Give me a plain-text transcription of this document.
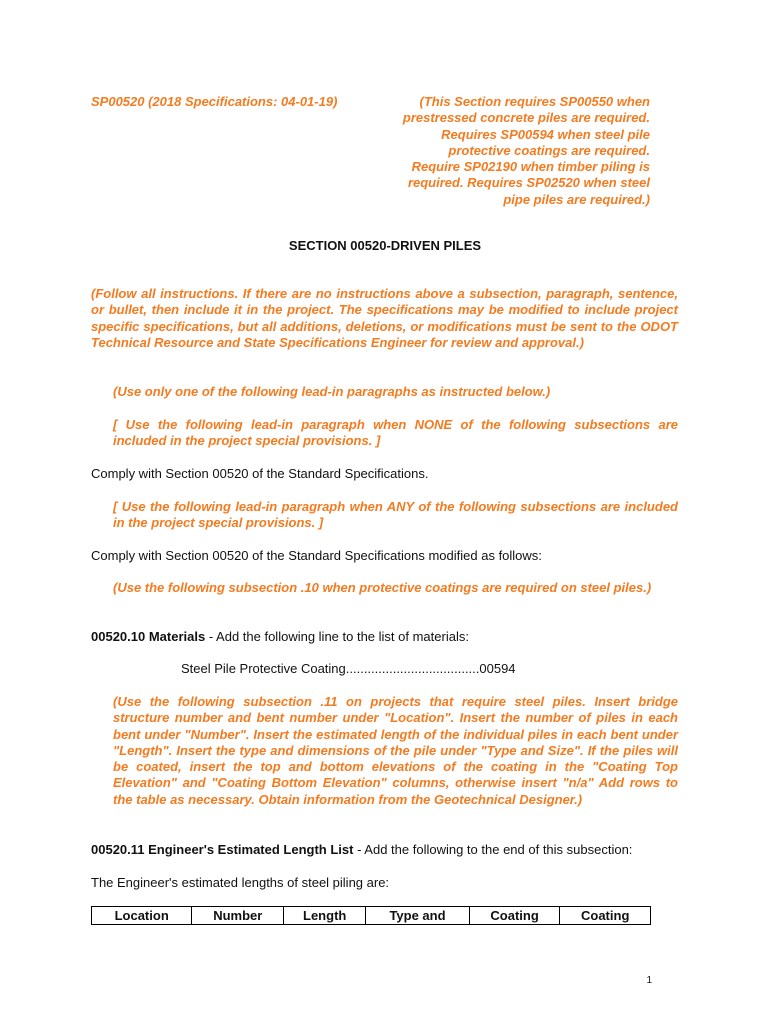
SP00520 (2018 Specifications: 04-01-19)	(This Section requires SP00550 when
prestressed concrete piles are required.
Requires SP00594 when steel pile
protective coatings are required.
Require SP02190 when timber piling is
required. Requires SP02520 when steel
pipe piles are required.)
SECTION 00520-DRIVEN PILES
(Follow all instructions. If there are no instructions above a subsection, paragraph, sentence, or bullet, then include it in the project. The specifications may be modified to include project specific specifications, but all additions, deletions, or modifications must be sent to the ODOT Technical Resource and State Specifications Engineer for review and approval.)
(Use only one of the following lead-in paragraphs as instructed below.)
[ Use the following lead-in paragraph when NONE of the following subsections are included in the project special provisions. ]
Comply with Section 00520 of the Standard Specifications.
[ Use the following lead-in paragraph when ANY of the following subsections are included in the project special provisions. ]
Comply with Section 00520 of the Standard Specifications modified as follows:
(Use the following subsection .10 when protective coatings are required on steel piles.)
00520.10 Materials - Add the following line to the list of materials:
Steel Pile Protective Coating.....................................00594
(Use the following subsection .11 on projects that require steel piles. Insert bridge structure number and bent number under "Location". Insert the number of piles in each bent under "Number". Insert the estimated length of the individual piles in each bent under "Length". Insert the type and dimensions of the pile under "Type and Size". If the piles will be coated, insert the top and bottom elevations of the coating in the "Coating Top Elevation" and "Coating Bottom Elevation" columns, otherwise insert "n/a" Add rows to the table as necessary. Obtain information from the Geotechnical Designer.)
00520.11 Engineer's Estimated Length List - Add the following to the end of this subsection:
The Engineer's estimated lengths of steel piling are:
Location	Number	Length	Type and	Coating	Coating
1
